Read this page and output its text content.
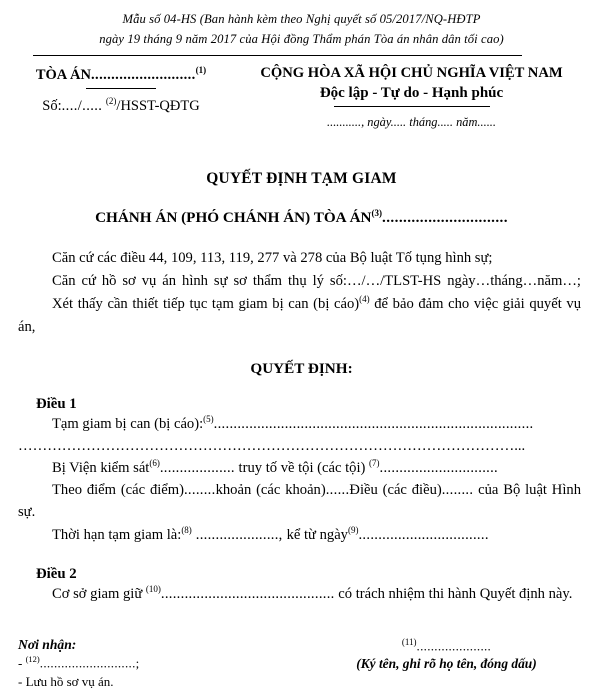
Mẫu số 04-HS (Ban hành kèm theo Nghị quyết số 05/2017/NQ-HĐTP
ngày 19 tháng 9 năm 2017 của Hội đồng Thẩm phán Tòa án nhân dân tối cao)
TÒA ÁN..........................$^{(1)}$
Số:..../..... $^{(2)}$/HSST-QĐTG
CỘNG HÒA XÃ HỘI CHỦ NGHĨA VIỆT NAM
Độc lập - Tự do - Hạnh phúc
..........., ngày..... tháng..... năm......
QUYẾT ĐỊNH TẠM GIAM
CHÁNH ÁN (PHÓ CHÁNH ÁN) TÒA ÁN$^{(3)}$..............................

Căn cứ các điều 44, 109, 113, 119, 277 và 278 của Bộ luật Tố tụng hình sự;

Căn cứ hồ sơ vụ án hình sự sơ thẩm thụ lý số:…/…/TLST-HS ngày…tháng…năm…;

Xét thấy cần thiết tiếp tục tạm giam bị can (bị cáo)$^{(4)}$ để bảo đảm cho việc giải quyết vụ án,

QUYẾT ĐỊNH:

Điều 1

Tạm giam bị can (bị cáo):$^{(5)}$.................................................................................

…………………………………………………………………………………………...

Bị Viện kiểm sát$^{(6)}$................... truy tố về tội (các tội) $^{(7)}$..............................

Theo điểm (các điểm)........khoản (các khoản)......Điều (các điều)........ của Bộ luật Hình sự.

Thời hạn tạm giam là:$^{(8)}$ ....................., kể từ ngày$^{(9)}$.................................

Điều 2

Cơ sở giam giữ $^{(10)}$............................................ có trách nhiệm thi hành Quyết định này.

Nơi nhận:
- $^{(12)}$...........................;
- Lưu hồ sơ vụ án.
$^{(11)}$.....................
(Ký tên, ghi rõ họ tên, đóng dấu)
